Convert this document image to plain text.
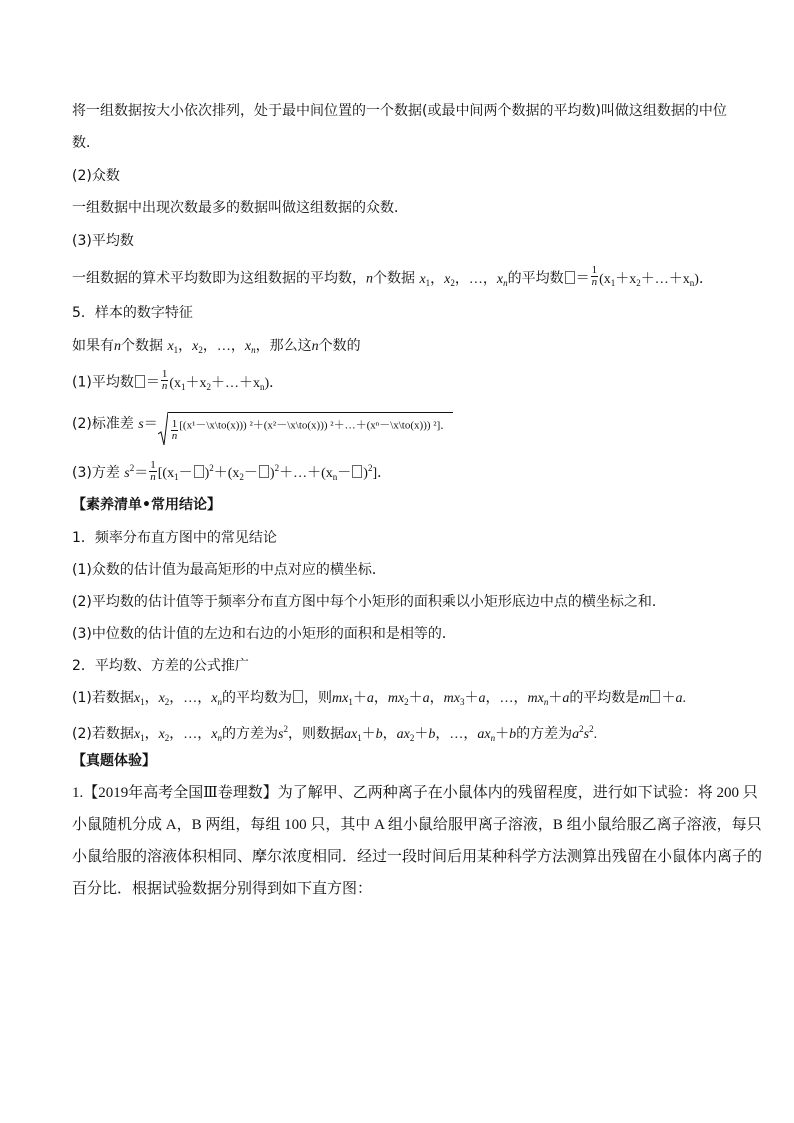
将一组数据按大小依次排列，处于最中间位置的一个数据(或最中间两个数据的平均数)叫做这组数据的中位
数．
(2)众数
一组数据中出现次数最多的数据叫做这组数据的众数．
(3)平均数
一组数据的算术平均数即为这组数据的平均数，n个数据 $x_1$，$x_2$，…，$x_n$的平均数 ＝ $\frac{1}{n}$ $(x_1+x_2+\dots+x_n)$．
5．样本的数字特征
如果有n个数据 $x_1$，$x_2$，…，$x_n$，那么这n个数的
(1)平均数 ＝ $\frac{1}{n}$ $(x_1+x_2+\dots+x_n)$．
(2)标准差 $s= \frac{1}{n}$ [(x¹－\x\to(x))) ²＋(x²－\x\to(x))) ²＋…＋(xⁿ－\x\to(x))) ²]．
(3)方差 $s^2= \frac{1}{n} [(x_1- )^2+(x_2-$ )$^2+\dots+(x_n- )^2$]．
【素养清单•常用结论】
1．频率分布直方图中的常见结论
(1)众数的估计值为最高矩形的中点对应的横坐标．
(2)平均数的估计值等于频率分布直方图中每个小矩形的面积乘以小矩形底边中点的横坐标之和．
(3)中位数的估计值的左边和右边的小矩形的面积和是相等的．
2．平均数、方差的公式推广
(1)若数据$x_1$，$x_2$，…，$x_n$的平均数为 ，则$mx_1+a$，$mx_2+a$，$mx_3+a$，…，$mx_n+a$的平均数是m ＋a.
(2)若数据$x_1$，$x_2$，…，$x_n$的方差为$s^2$，则数据$ax_1+b$，$ax_2+b$，…，$ax_n+b$的方差为$a^2s^2$.
【真题体验】
1.【2019年高考全国Ⅲ卷理数】为了解甲、乙两种离子在小鼠体内的残留程度，进行如下试验：将 200 只
小鼠随机分成 A，B 两组，每组 100 只，其中 A 组小鼠给服甲离子溶液，B 组小鼠给服乙离子溶液，每只
小鼠给服的溶液体积相同、摩尔浓度相同．经过一段时间后用某种科学方法测算出残留在小鼠体内离子的
百分比．根据试验数据分别得到如下直方图：
